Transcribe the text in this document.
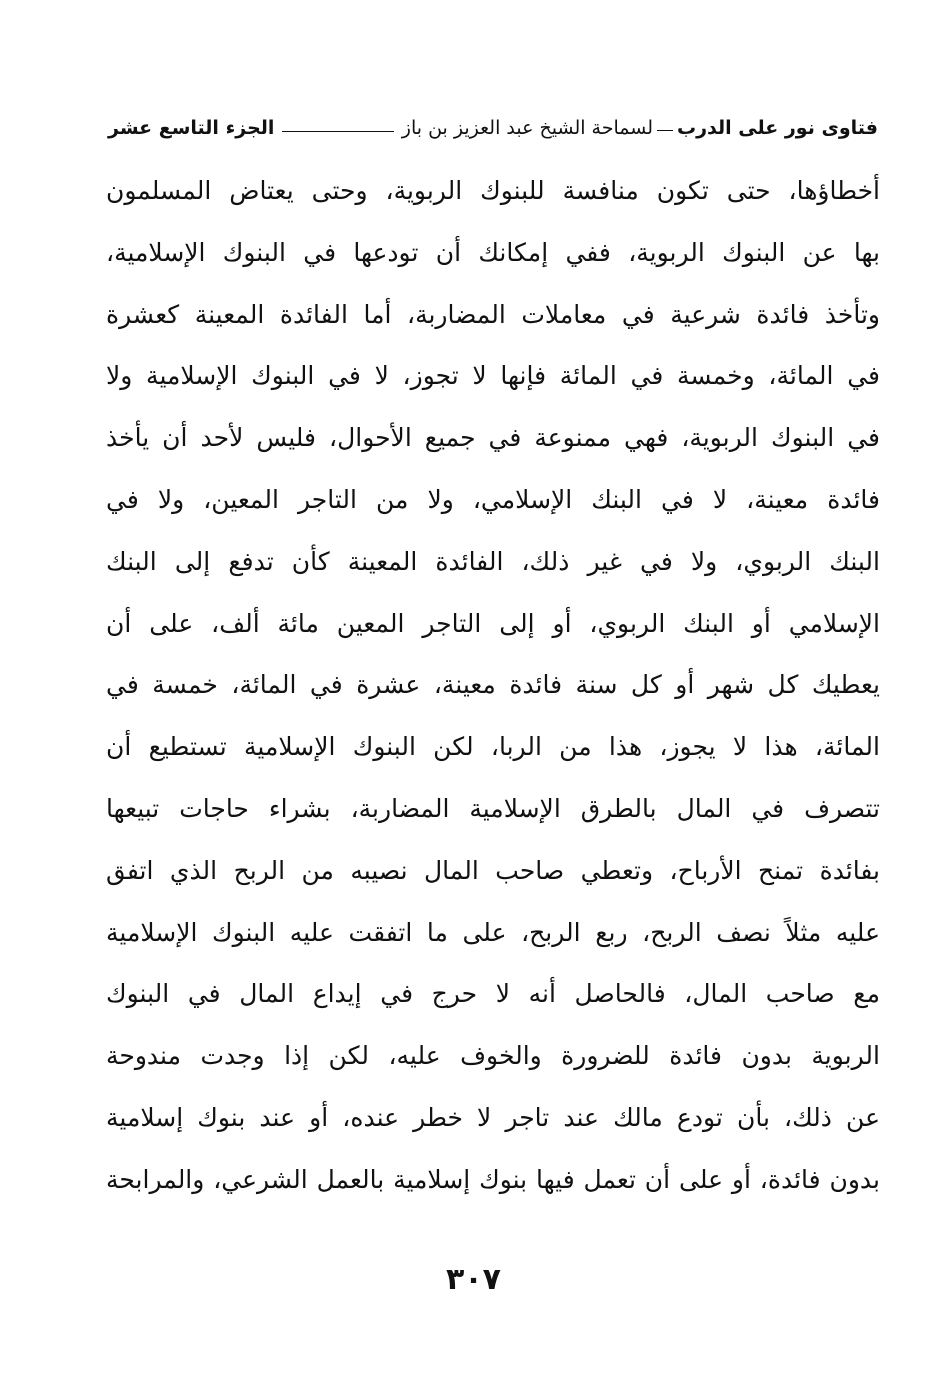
فتاوى نور على الدرب
لسماحة الشيخ عبد العزيز بن باز
الجزء التاسع عشر
أخطاؤها، حتى تكون منافسة للبنوك الربوية، وحتى يعتاض المسلمون
بها عن البنوك الربوية، ففي إمكانك أن تودعها في البنوك الإسلامية،
وتأخذ فائدة شرعية في معاملات المضاربة، أما الفائدة المعينة كعشرة
في المائة، وخمسة في المائة فإنها لا تجوز، لا في البنوك الإسلامية ولا
في البنوك الربوية، فهي ممنوعة في جميع الأحوال، فليس لأحد أن يأخذ
فائدة معينة، لا في البنك الإسلامي، ولا من التاجر المعين، ولا في
البنك الربوي، ولا في غير ذلك، الفائدة المعينة كأن تدفع إلى البنك
الإسلامي أو البنك الربوي، أو إلى التاجر المعين مائة ألف، على أن
يعطيك كل شهر أو كل سنة فائدة معينة، عشرة في المائة، خمسة في
المائة، هذا لا يجوز، هذا من الربا، لكن البنوك الإسلامية تستطيع أن
تتصرف في المال بالطرق الإسلامية المضاربة، بشراء حاجات تبيعها
بفائدة تمنح الأرباح، وتعطي صاحب المال نصيبه من الربح الذي اتفق
عليه مثلاً نصف الربح، ربع الربح، على ما اتفقت عليه البنوك الإسلامية
مع صاحب المال، فالحاصل أنه لا حرج في إيداع المال في البنوك
الربوية بدون فائدة للضرورة والخوف عليه، لكن إذا وجدت مندوحة
عن ذلك، بأن تودع مالك عند تاجر لا خطر عنده، أو عند بنوك إسلامية
بدون فائدة، أو على أن تعمل فيها بنوك إسلامية بالعمل الشرعي، والمرابحة
٣٠٧
